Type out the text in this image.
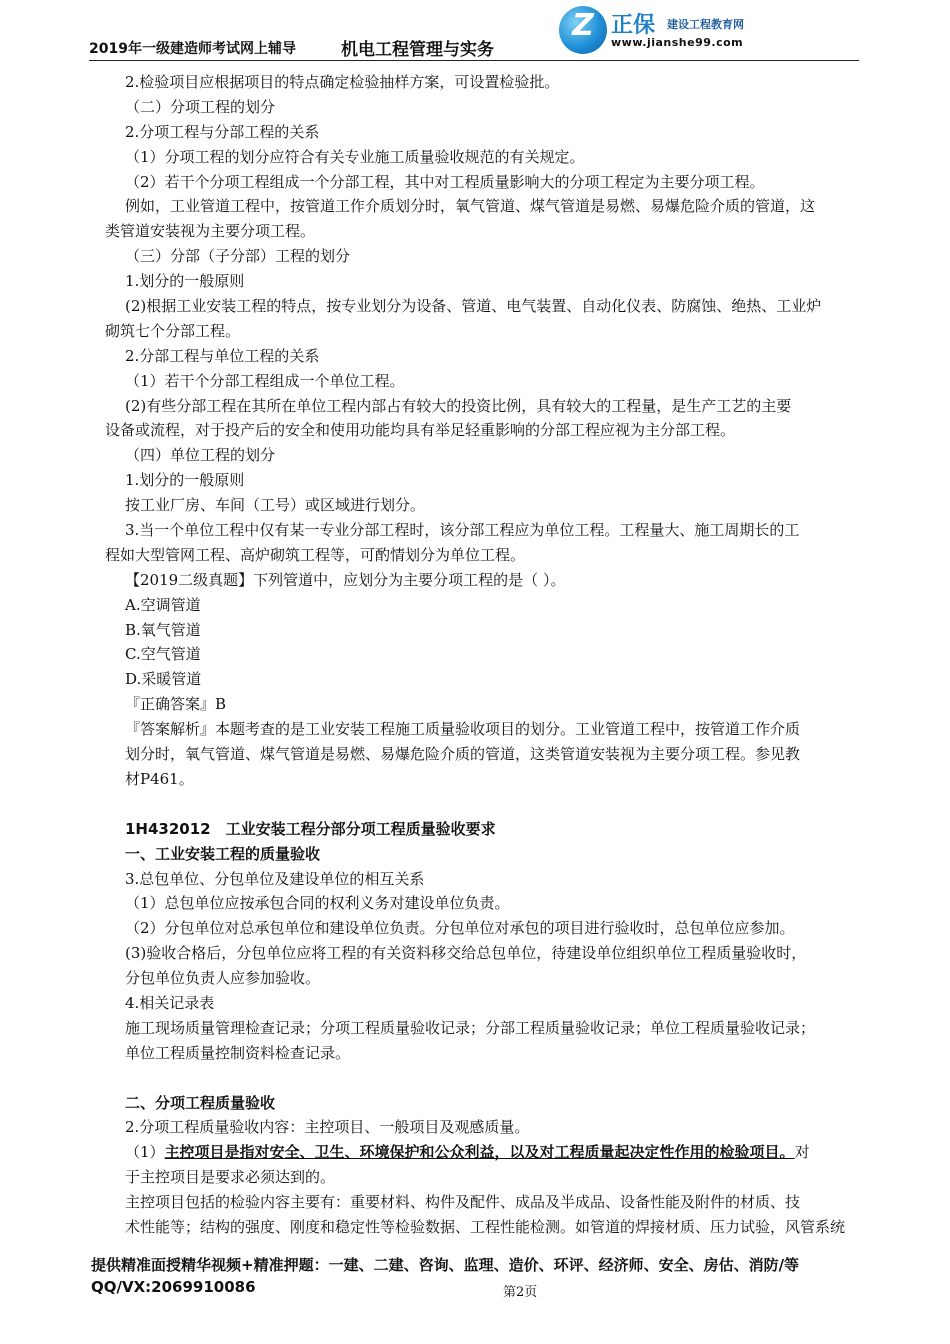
2019年一级建造师考试网上辅导	机电工程管理与实务
Z 正保 建设工程教育网
www.jianshe99.com
2.检验项目应根据项目的特点确定检验抽样方案，可设置检验批。
（二）分项工程的划分
2.分项工程与分部工程的关系
（1）分项工程的划分应符合有关专业施工质量验收规范的有关规定。
（2）若干个分项工程组成一个分部工程，其中对工程质量影响大的分项工程定为主要分项工程。
例如，工业管道工程中，按管道工作介质划分时，氧气管道、煤气管道是易燃、易爆危险介质的管道，这
类管道安装视为主要分项工程。
（三）分部（子分部）工程的划分
1.划分的一般原则
(2)根据工业安装工程的特点，按专业划分为设备、管道、电气装置、自动化仪表、防腐蚀、绝热、工业炉
砌筑七个分部工程。
2.分部工程与单位工程的关系
（1）若干个分部工程组成一个单位工程。
(2)有些分部工程在其所在单位工程内部占有较大的投资比例，具有较大的工程量，是生产工艺的主要
设备或流程，对于投产后的安全和使用功能均具有举足轻重影响的分部工程应视为主分部工程。
（四）单位工程的划分
1.划分的一般原则
按工业厂房、车间（工号）或区域进行划分。
3.当一个单位工程中仅有某一专业分部工程时，该分部工程应为单位工程。工程量大、施工周期长的工
程如大型管网工程、高炉砌筑工程等，可酌情划分为单位工程。
【2019二级真题】下列管道中，应划分为主要分项工程的是（ ）。
A.空调管道
B.氧气管道
C.空气管道
D.采暖管道
『正确答案』B
『答案解析』本题考查的是工业安装工程施工质量验收项目的划分。工业管道工程中，按管道工作介质
划分时，氧气管道、煤气管道是易燃、易爆危险介质的管道，这类管道安装视为主要分项工程。参见教
材P461。
1H432012　工业安装工程分部分项工程质量验收要求
一、工业安装工程的质量验收
3.总包单位、分包单位及建设单位的相互关系
（1）总包单位应按承包合同的权利义务对建设单位负责。
（2）分包单位对总承包单位和建设单位负责。分包单位对承包的项目进行验收时，总包单位应参加。
(3)验收合格后，分包单位应将工程的有关资料移交给总包单位，待建设单位组织单位工程质量验收时，
分包单位负责人应参加验收。
4.相关记录表
施工现场质量管理检查记录；分项工程质量验收记录；分部工程质量验收记录；单位工程质量验收记录；
单位工程质量控制资料检查记录。
二、分项工程质量验收
2.分项工程质量验收内容：主控项目、一般项目及观感质量。
（1）主控项目是指对安全、卫生、环境保护和公众利益，以及对工程质量起决定性作用的检验项目。对
于主控项目是要求必须达到的。
主控项目包括的检验内容主要有：重要材料、构件及配件、成品及半成品、设备性能及附件的材质、技
术性能等；结构的强度、刚度和稳定性等检验数据、工程性能检测。如管道的焊接材质、压力试验，风管系统
提供精准面授精华视频+精准押题：一建、二建、咨询、监理、造价、环评、经济师、安全、房估、消防/等
QQ/VX:2069910086	第2页
